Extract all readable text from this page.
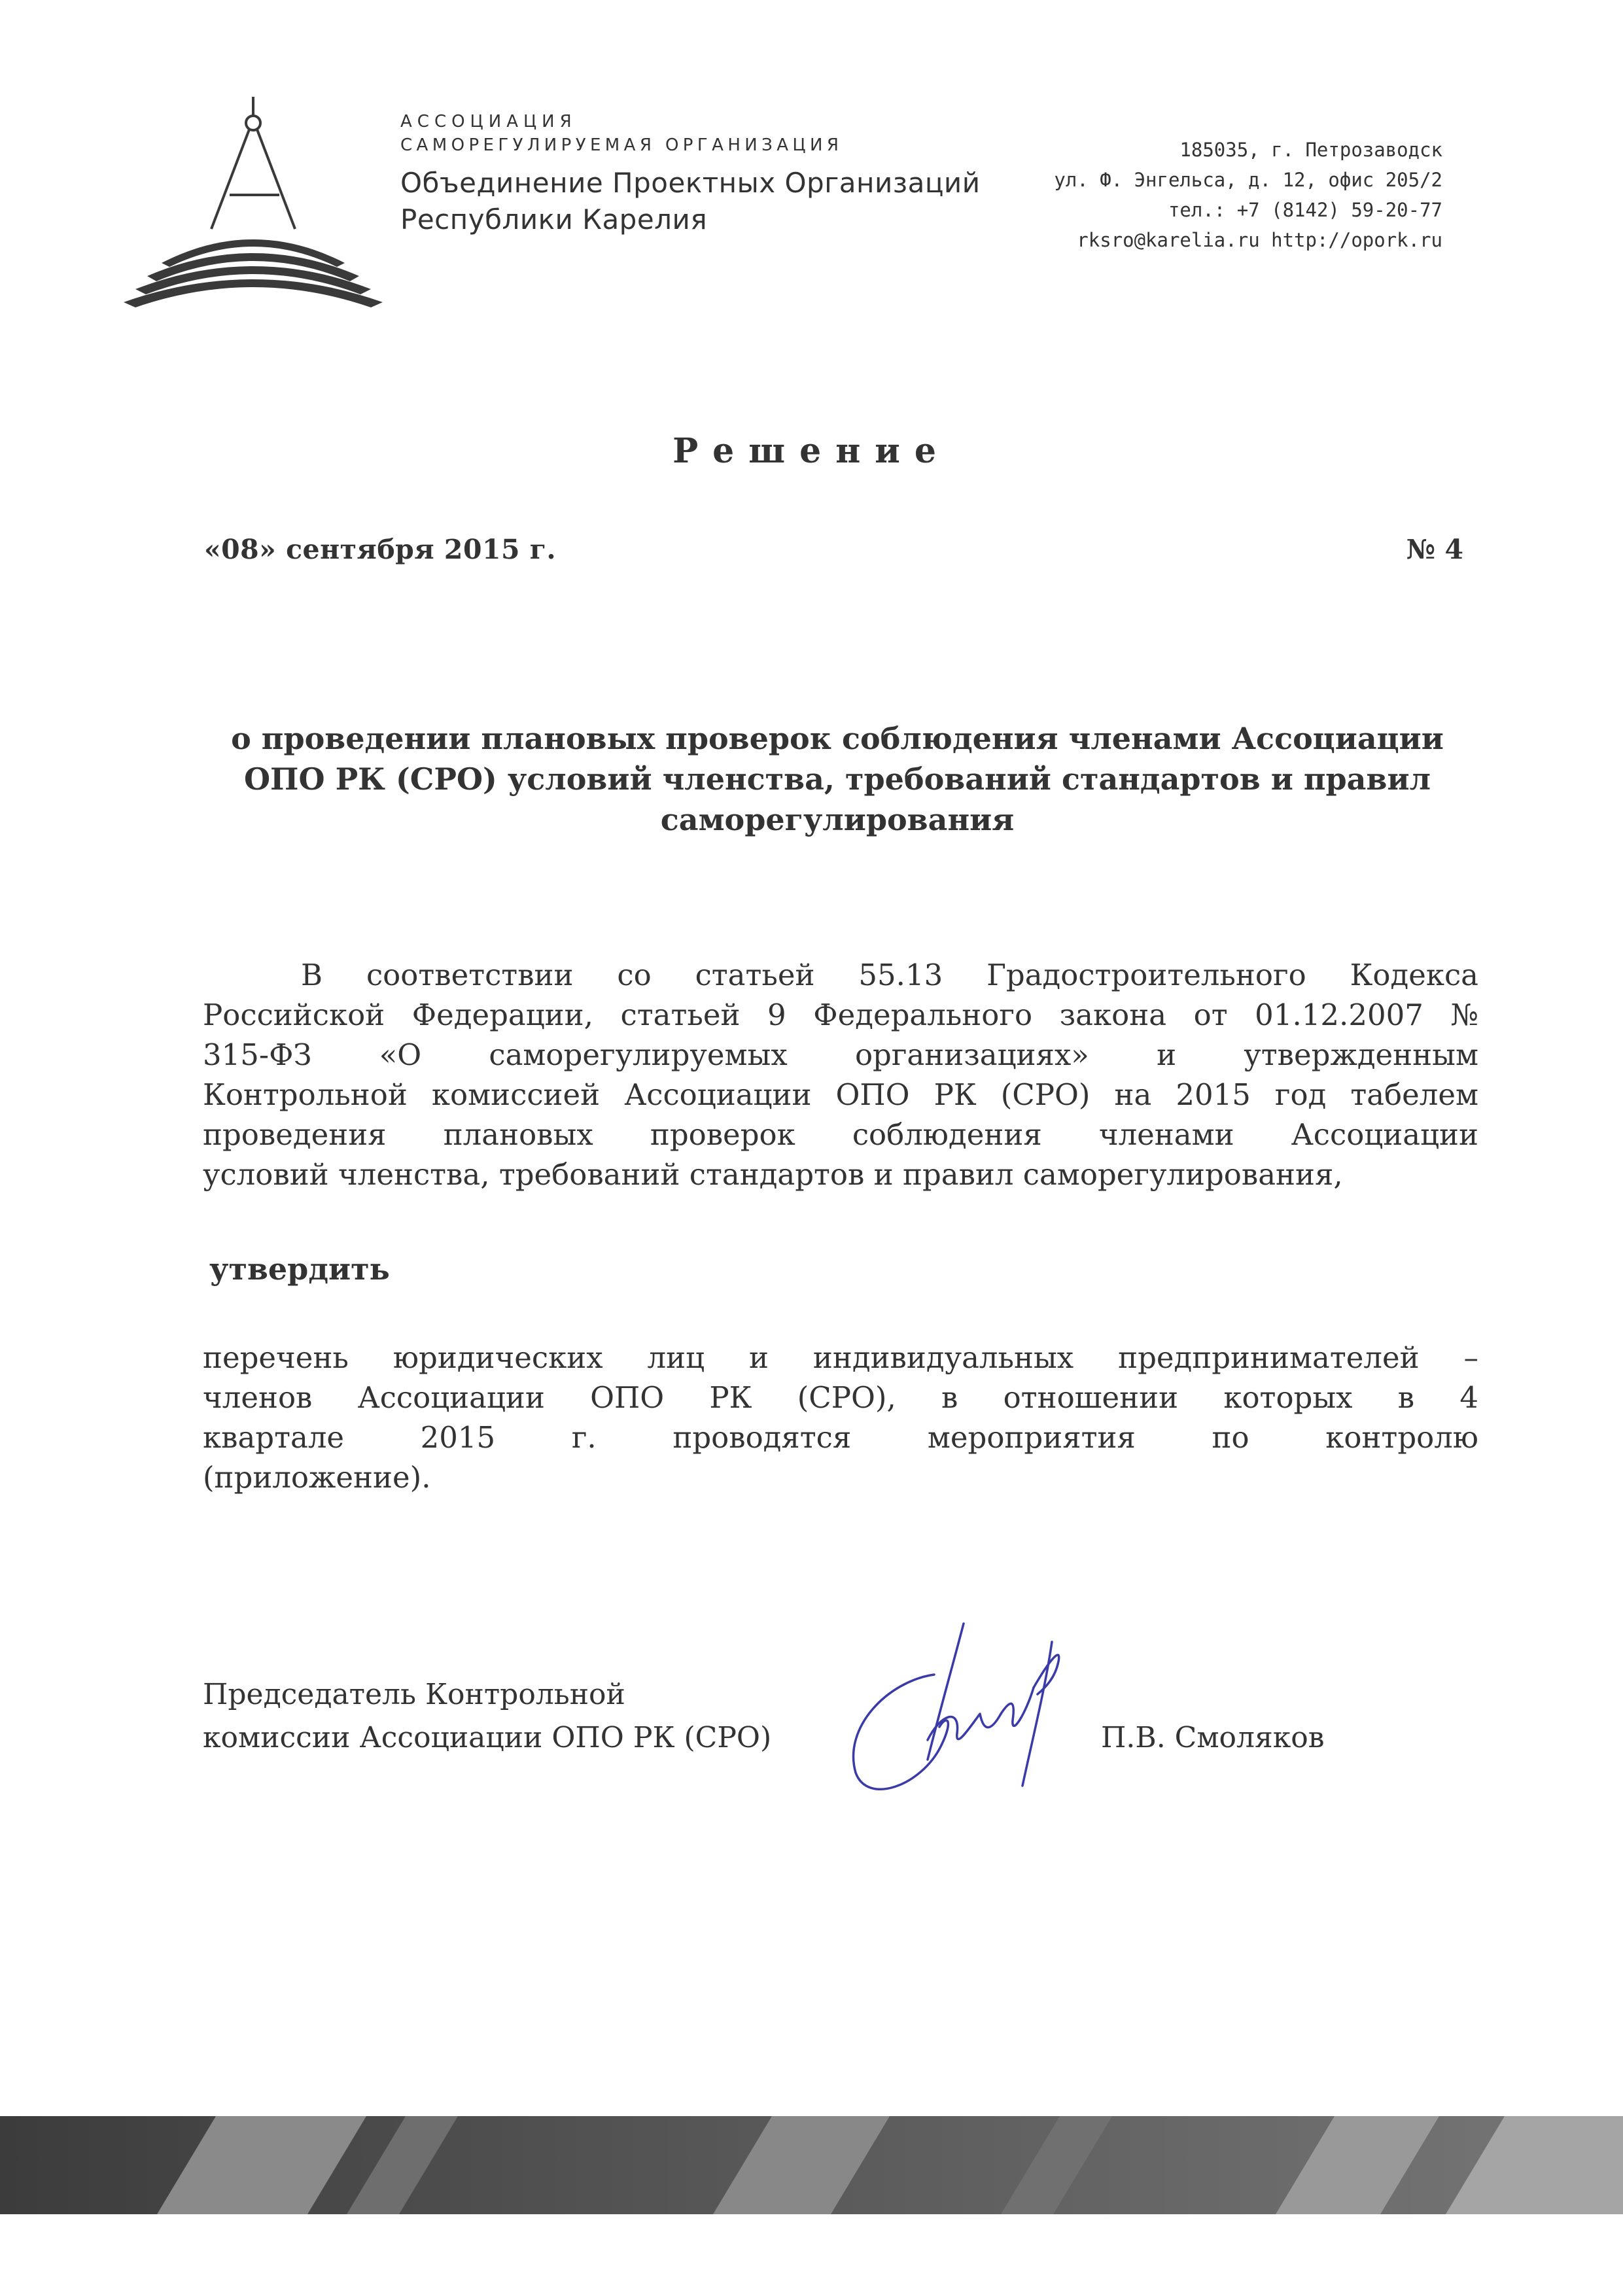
АССОЦИАЦИЯ
САМОРЕГУЛИРУЕМАЯ ОРГАНИЗАЦИЯ
Объединение Проектных Организаций
Республики Карелия
185035, г. Петрозаводск
ул. Ф. Энгельса, д. 12, офис 205/2
тел.: +7 (8142) 59-20-77
rksro@karelia.ru http://opork.ru
Решение
«08» сентября 2015 г.	№ 4
о проведении плановых проверок соблюдения членами Ассоциации
ОПО РК (СРО) условий членства, требований стандартов и правил
саморегулирования
В соответствии со статьей 55.13 Градостроительного Кодекса
Российской Федерации, статьей 9 Федерального закона от 01.12.2007 №
315-ФЗ «О саморегулируемых организациях» и утвержденным
Контрольной комиссией Ассоциации ОПО РК (СРО) на 2015 год табелем
проведения плановых проверок соблюдения членами Ассоциации
условий членства, требований стандартов и правил саморегулирования,
утвердить
перечень юридических лиц и индивидуальных предпринимателей –
членов Ассоциации ОПО РК (СРО), в отношении которых в 4
квартале 2015 г. проводятся мероприятия по контролю
(приложение).
Председатель Контрольной
комиссии Ассоциации ОПО РК (СРО)	П.В. Смоляков
